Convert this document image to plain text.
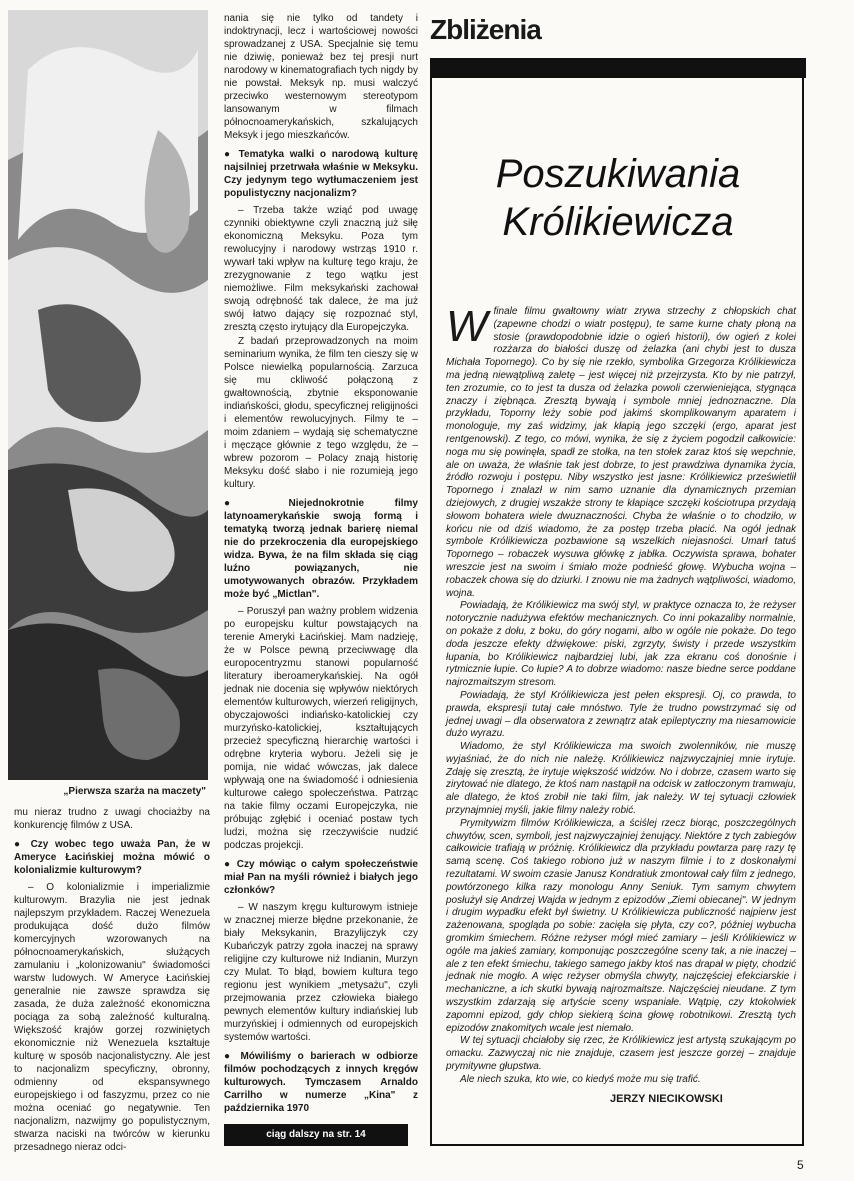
„Pierwsza szarża na maczety"

mu nieraz trudno z uwagi chociażby na konkurencję filmów z USA.

● Czy wobec tego uważa Pan, że w Ameryce Łacińskiej można mówić o kolonializmie kulturowym?

– O kolonializmie i imperializmie kulturowym. Brazylia nie jest jednak najlepszym przykładem. Raczej Wenezuela produkująca dość dużo filmów komercyjnych wzorowanych na północnoamerykańskich, służących zamulaniu i „kolonizowaniu" świadomości warstw ludowych. W Ameryce Łacińskiej generalnie nie zawsze sprawdza się zasada, że duża zależność ekonomiczna pociąga za sobą zależność kulturalną. Większość krajów gorzej rozwiniętych ekonomicznie niż Wenezuela kształtuje kulturę w sposób nacjonalistyczny. Ale jest to nacjonalizm specyficzny, obronny, odmienny od ekspansywnego europejskiego i od faszyzmu, przez co nie można oceniać go negatywnie. Ten nacjonalizm, nazwijmy go populistycznym, stwarza naciski na twórców w kierunku przesadnego nieraz odci-

nania się nie tylko od tandety i indoktrynacji, lecz i wartościowej nowości sprowadzanej z USA. Specjalnie się temu nie dziwię, ponieważ bez tej presji nurt narodowy w kinematografiach tych nigdy by nie powstał. Meksyk np. musi walczyć przeciwko westernowym stereotypom lansowanym w filmach północnoamerykańskich, szkalujących Meksyk i jego mieszkańców.

● Tematyka walki o narodową kulturę najsilniej przetrwała właśnie w Meksyku. Czy jedynym tego wytłumaczeniem jest populistyczny nacjonalizm?

– Trzeba także wziąć pod uwagę czynniki obiektywne czyli znaczną już siłę ekonomiczną Meksyku. Poza tym rewolucyjny i narodowy wstrząs 1910 r. wywarł taki wpływ na kulturę tego kraju, że zrezygnowanie z tego wątku jest niemożliwe. Film meksykański zachował swoją odrębność tak dalece, że ma już swój łatwo dający się rozpoznać styl, zresztą często irytujący dla Europejczyka.

Z badań przeprowadzonych na moim seminarium wynika, że film ten cieszy się w Polsce niewielką popularnością. Zarzuca się mu ckliwość połączoną z gwałtownością, zbytnie eksponowanie indiańskości, głodu, specyficznej religijności i elementów rewolucyjnych. Filmy te – moim zdaniem – wydają się schematyczne i męczące głównie z tego względu, że – wbrew pozorom – Polacy znają historię Meksyku dość słabo i nie rozumieją jego kultury.

● Niejednokrotnie filmy latynoamerykańskie swoją formą i tematyką tworzą jednak barierę niemal nie do przekroczenia dla europejskiego widza. Bywa, że na film składa się ciąg luźno powiązanych, nie umotywowanych obrazów. Przykładem może być „Mictlan".

– Poruszył pan ważny problem widzenia po europejsku kultur powstających na terenie Ameryki Łacińskiej. Mam nadzieję, że w Polsce pewną przeciwwagę dla europocentryzmu stanowi popularność literatury iberoamerykańskiej. Na ogół jednak nie docenia się wpływów niektórych elementów kulturowych, wierzeń religijnych, obyczajowości indiańsko-katolickiej czy murzyńsko-katolickiej, kształtujących przecież specyficzną hierarchię wartości i odrębne kryteria wyboru. Jeżeli się je pomija, nie widać wówczas, jak dalece wpływają one na świadomość i odniesienia kulturowe całego społeczeństwa. Patrząc na takie filmy oczami Europejczyka, nie próbując zgłębić i oceniać postaw tych ludzi, można się rzeczywiście nudzić podczas projekcji.

● Czy mówiąc o całym społeczeństwie miał Pan na myśli również i białych jego członków?

– W naszym kręgu kulturowym istnieje w znacznej mierze błędne przekonanie, że biały Meksykanin, Brazylijczyk czy Kubańczyk patrzy zgoła inaczej na sprawy religijne czy kulturowe niż Indianin, Murzyn czy Mulat. To błąd, bowiem kultura tego regionu jest wynikiem „metysażu", czyli przejmowania przez człowieka białego pewnych elementów kultury indiańskiej lub murzyńskiej i odmiennych od europejskich systemów wartości.

● Mówiliśmy o barierach w odbiorze filmów pochodzących z innych kręgów kulturowych. Tymczasem Arnaldo Carrilho w numerze „Kina" z października 1970

ciąg dalszy na str. 14
Zbliżenia
Poszukiwania
Królikiewicza

Wfinale filmu gwałtowny wiatr zrywa strzechy z chłopskich chat (zapewne chodzi o wiatr postępu), te same kurne chaty płoną na stosie (prawdopodobnie idzie o ogień historii), ów ogień z kolei rozżarza do białości duszę od żelazka (ani chybi jest to dusza Michała Topornego). Co by się nie rzekło, symbolika Grzegorza Królikiewicza ma jedną niewątpliwą zaletę – jest więcej niż przejrzysta. Kto by nie patrzył, ten zrozumie, co to jest ta dusza od żelazka powoli czerwieniejąca, stygnąca znaczy i ziębnąca. Zresztą bywają i symbole mniej jednoznaczne. Dla przykładu, Toporny leży sobie pod jakimś skomplikowanym aparatem i monologuje, my zaś widzimy, jak kłapią jego szczęki (ergo, aparat jest rentgenowski). Z tego, co mówi, wynika, że się z życiem pogodził całkowicie: noga mu się powinęła, spadł ze stołka, na ten stołek zaraz ktoś się wepchnie, ale on uważa, że właśnie tak jest dobrze, to jest prawdziwa dynamika życia, źródło rozwoju i postępu. Niby wszystko jest jasne: Królikiewicz prześwietlił Topornego i znalazł w nim samo uznanie dla dynamicznych przemian dziejowych, z drugiej wszakże strony te kłapiące szczęki kościotrupa przydają słowom bohatera wiele dwuznaczności. Chyba że właśnie o to chodziło, w końcu nie od dziś wiadomo, że za postęp trzeba płacić. Na ogół jednak symbole Królikiewicza pozbawione są wszelkich niejasności. Umarł tatuś Topornego – robaczek wysuwa główkę z jabłka. Oczywista sprawa, bohater wreszcie jest na swoim i śmiało może podnieść głowę. Wybucha wojna – robaczek chowa się do dziurki. I znowu nie ma żadnych wątpliwości, wiadomo, wojna.

Powiadają, że Królikiewicz ma swój styl, w praktyce oznacza to, że reżyser notorycznie nadużywa efektów mechanicznych. Co inni pokazaliby normalnie, on pokaże z dołu, z boku, do góry nogami, albo w ogóle nie pokaże. Do tego doda jeszcze efekty dźwiękowe: piski, zgrzyty, świsty i przede wszystkim łupania, bo Królikiewicz najbardziej lubi, jak zza ekranu coś donośnie i rytmicznie łupie. Co łupie? A to dobrze wiadomo: nasze biedne serce poddane najrozmaitszym stresom.

Powiadają, że styl Królikiewicza jest pełen ekspresji. Oj, co prawda, to prawda, ekspresji tutaj całe mnóstwo. Tyle że trudno powstrzymać się od jednej uwagi – dla obserwatora z zewnątrz atak epileptyczny ma niesamowicie dużo wyrazu.

Wiadomo, że styl Królikiewicza ma swoich zwolenników, nie muszę wyjaśniać, że do nich nie należę. Królikiewicz najzwyczajniej mnie irytuje. Zdaję się zresztą, że irytuje większość widzów. No i dobrze, czasem warto się zirytować nie dlatego, że ktoś nam nastąpił na odcisk w zatłoczonym tramwaju, ale dlatego, że ktoś zrobił nie taki film, jak należy. W tej sytuacji człowiek przynajmniej myśli, jakie filmy należy robić.

Prymitywizm filmów Królikiewicza, a ściślej rzecz biorąc, poszczególnych chwytów, scen, symboli, jest najzwyczajniej żenujący. Niektóre z tych zabiegów całkowicie trafiają w próżnię. Królikiewicz dla przykładu powtarza parę razy tę samą scenę. Coś takiego robiono już w naszym filmie i to z doskonałymi rezultatami. W swoim czasie Janusz Kondratiuk zmontował cały film z jednego, powtórzonego kilka razy monologu Anny Seniuk. Tym samym chwytem posłużył się Andrzej Wajda w jednym z epizodów „Ziemi obiecanej". W jednym i drugim wypadku efekt był świetny. U Królikiewicza publiczność najpierw jest zażenowana, spogląda po sobie: zacięła się płyta, czy co?, później wybucha gromkim śmiechem. Różne reżyser mógł mieć zamiary – jeśli Królikiewicz w ogóle ma jakieś zamiary, komponując poszczególne sceny tak, a nie inaczej – ale z ten efekt śmiechu, takiego samego jakby ktoś nas drapał w pięty, chodzić jednak nie mogło. A więc reżyser obmyśla chwyty, najczęściej efekciarskie i mechaniczne, a ich skutki bywają najrozmaitsze. Najczęściej nieudane. Z tym wszystkim zdarzają się artyście sceny wspaniałe. Wątpię, czy ktokolwiek zapomni epizod, gdy chłop siekierą ścina głowę robotnikowi. Zresztą tych epizodów znakomitych wcale jest niemało.

W tej sytuacji chciałoby się rzec, że Królikiewicz jest artystą szukającym po omacku. Zazwyczaj nic nie znajduje, czasem jest jeszcze gorzej – znajduje prymitywne głupstwa.

Ale niech szuka, kto wie, co kiedyś może mu się trafić.

JERZY NIECIKOWSKI
5
